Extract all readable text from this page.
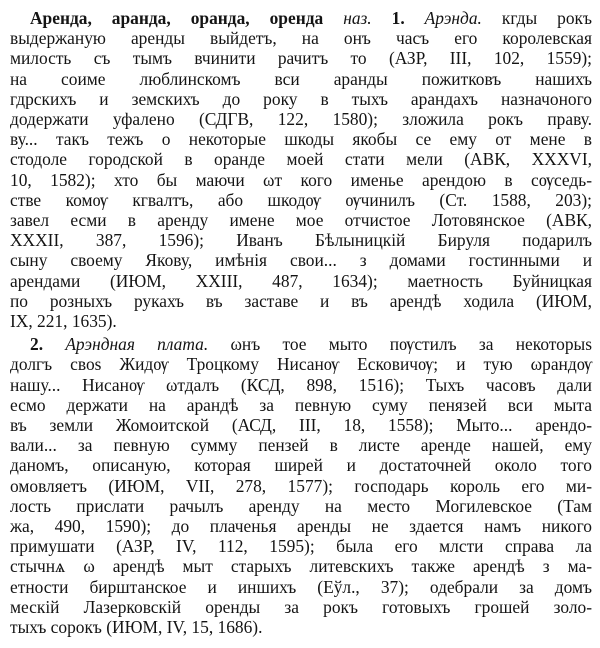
Аренда, аранда, оранда, оренда наз. 1. Арэнда. кгды рокъ
выдержаную аренды выйдетъ, на онъ часъ его королевская
милость съ тымъ вчинити рачитъ то (АЗР, III, 102, 1559);
на соиме люблинскомъ вси аранды пожитковъ нашихъ
гдрскихъ и земскихъ до року в тыхъ арандахъ назначоного
додержати уфалено (СДГВ, 122, 1580); зложила рокъ праву.
ву... такъ тежъ о некоторые шкоды якобы се ему от мене в
стодоле городской в оранде моей стати мели (АВК, XXXVI,
10, 1582); хто бы маючи ωт кого именье арендою в сѹседь-
стве комѹ кгвалтъ, або шкодѹ ѹчинилъ (Ст. 1588, 203);
завел есми в аренду имене мое отчистое Лотовянское (АВК,
XXXII, 387, 1596); Иванъ Бѣлыницкій Бируля подарилъ
сыну своему Якову, имѣнія свои... з домами гостинными и
арендами (ИЮМ, XXIII, 487, 1634); маетность Буйницкая
по розныхъ рукахъ въ заставе и въ арендѣ ходила (ИЮМ,
IX, 221, 1635).
2. Арэндная плата. ωнъ тое мыто пѹстилъ за некоторыѕ
долгъ своѕ Жидѹ Троцкому Нисанѹ Есковичѹ; и тую ωрандѹ
нашу... Нисанѹ ωтдалъ (КСД, 898, 1516); Тыхъ часовъ дали
есмо держати на арандѣ за певную суму пенязей вси мыта
въ земли Жомоитской (АСД, III, 18, 1558); Мыто... арендо-
вали... за певную сумму пензей в листе аренде нашей, ему
даномъ, описаную, которая ширей и достаточней около того
омовляетъ (ИЮМ, VII, 278, 1577); господарь король его ми-
лость прислати рачылъ аренду на место Могилевское (Там
жа, 490, 1590); до плаченья аренды не здается намъ никого
примушати (АЗР, IV, 112, 1595); была его млсти справа ла
стычнѧ ω арендѣ мыт старыхъ литевскихъ также арендѣ з ма-
етности бирштанское и иншихъ (Еўл., 37); одебрали за домъ
мескій Лазерковскій оренды за рокъ готовыхъ грошей золо-
тыхъ сорокъ (ИЮМ, IV, 15, 1686).
